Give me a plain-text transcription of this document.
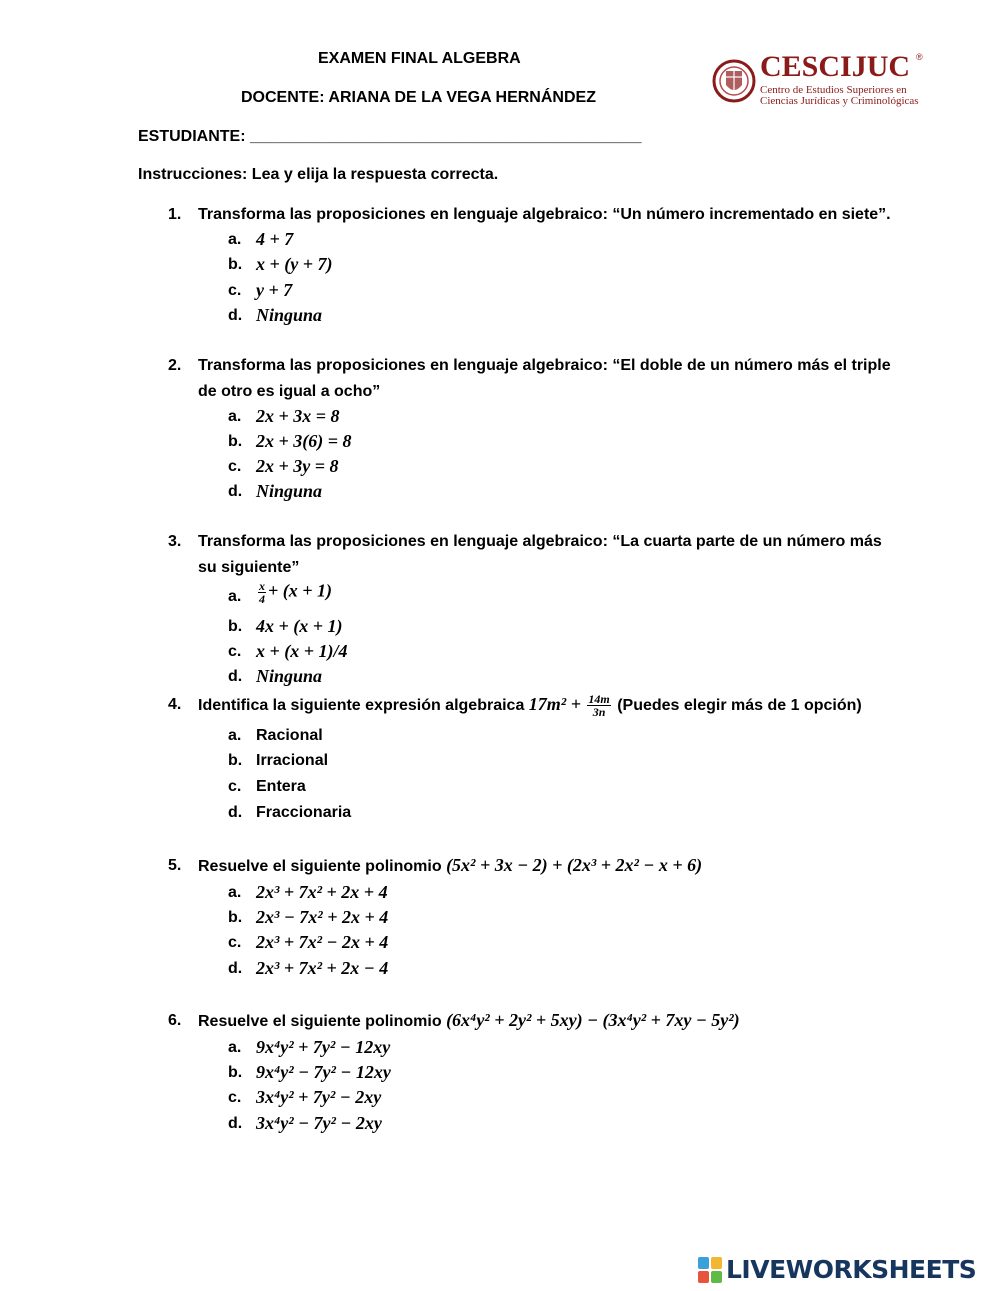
EXAMEN FINAL ALGEBRA
DOCENTE: ARIANA DE LA VEGA HERNÁNDEZ
ESTUDIANTE: ____________________________________________
Instrucciones: Lea y elija la respuesta correcta.
CESCIJUC ®
Centro de Estudios Superiores en
Ciencias Jurídicas y Criminológicas
1. Transforma las proposiciones en lenguaje algebraico: “Un número incrementado en siete”.
a. 4 + 7
b. x + (y + 7)
c. y + 7
d. Ninguna
2. Transforma las proposiciones en lenguaje algebraico: “El doble de un número más el triple
de otro es igual a ocho”
a. 2x + 3x = 8
b. 2x + 3(6) = 8
c. 2x + 3y = 8
d. Ninguna
3. Transforma las proposiciones en lenguaje algebraico: “La cuarta parte de un número más
su siguiente”
a. $\frac{x}{4} + (x + 1)$
b. 4x + (x + 1)
c. x + (x + 1)/4
d. Ninguna
4. Identifica la siguiente expresión algebraica $17m^2 + \frac{14m}{3n}$ (Puedes elegir más de 1 opción)
a. Racional
b. Irracional
c. Entera
d. Fraccionaria
5. Resuelve el siguiente polinomio (5x² + 3x − 2) + (2x³ + 2x² − x + 6)
a. 2x³ + 7x² + 2x + 4
b. 2x³ − 7x² + 2x + 4
c. 2x³ + 7x² − 2x + 4
d. 2x³ + 7x² + 2x − 4
6. Resuelve el siguiente polinomio (6x⁴y² + 2y² + 5xy) − (3x⁴y² + 7xy − 5y²)
a. 9x⁴y² + 7y² − 12xy
b. 9x⁴y² − 7y² − 12xy
c. 3x⁴y² + 7y² − 2xy
d. 3x⁴y² − 7y² − 2xy
LIVEWORKSHEETS
